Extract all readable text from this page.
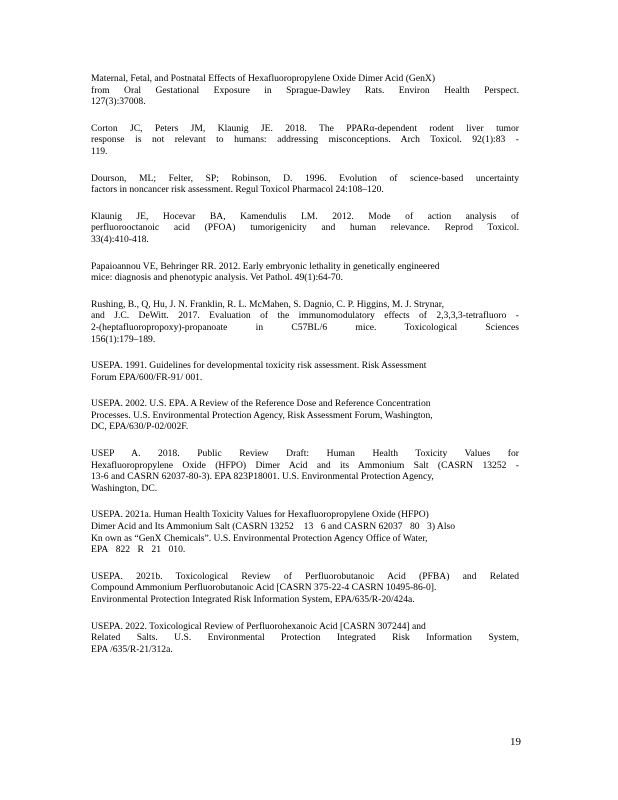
Maternal, Fetal, and Postnatal Effects of Hexafluoropropylene Oxide Dimer Acid (GenX)
from Oral Gestational Exposure in Sprague-Dawley Rats. Environ Health Perspect.
127(3):37008.
Corton JC, Peters JM, Klaunig JE. 2018. The PPARα-dependent rodent liver tumor
response is not relevant to humans: addressing misconceptions. Arch Toxicol. 92(1):83 -
119.
Dourson, ML; Felter, SP; Robinson, D. 1996. Evolution of science-based uncertainty
factors in noncancer risk assessment. Regul Toxicol Pharmacol 24:108–120.
Klaunig JE, Hocevar BA, Kamendulis LM. 2012. Mode of action analysis of
perfluorooctanoic acid (PFOA) tumorigenicity and human relevance. Reprod Toxicol.
33(4):410-418.
Papaioannou VE, Behringer RR. 2012. Early embryonic lethality in genetically engineered
mice: diagnosis and phenotypic analysis. Vet Pathol. 49(1):64-70.
Rushing, B., Q, Hu, J. N. Franklin, R. L. McMahen, S. Dagnio, C. P. Higgins, M. J. Strynar,
and J.C. DeWitt. 2017. Evaluation of the immunomodulatory effects of 2,3,3,3-tetrafluoro -
2-(heptafluoropropoxy)-propanoate in C57BL/6 mice. Toxicological Sciences
156(1):179–189.
USEPA. 1991. Guidelines for developmental toxicity risk assessment. Risk Assessment
Forum EPA/600/FR-91/ 001.
USEPA. 2002. U.S. EPA. A Review of the Reference Dose and Reference Concentration
Processes. U.S. Environmental Protection Agency, Risk Assessment Forum, Washington,
DC, EPA/630/P-02/002F.
USEP A. 2018. Public Review Draft: Human Health Toxicity Values for
Hexafluoropropylene Oxide (HFPO) Dimer Acid and its Ammonium Salt (CASRN 13252 -
13-6 and CASRN 62037-80-3). EPA 823P18001. U.S. Environmental Protection Agency,
Washington, DC.
USEPA. 2021a. Human Health Toxicity Values for Hexafluoropropylene Oxide (HFPO)
Dimer Acid and Its Ammonium Salt (CASRN 13252  13 6 and CASRN 62037 80 3) Also
Kn own as “GenX Chemicals”. U.S. Environmental Protection Agency Office of Water,
EPA 822 R 21 010.
USEPA. 2021b. Toxicological Review of Perfluorobutanoic Acid (PFBA) and Related
Compound Ammonium Perfluorobutanoic Acid [CASRN 375-22-4 CASRN 10495-86-0].
Environmental Protection Integrated Risk Information System, EPA/635/R-20/424a.
USEPA. 2022. Toxicological Review of Perfluorohexanoic Acid [CASRN 307244] and
Related Salts. U.S. Environmental Protection Integrated Risk Information System,
EPA /635/R-21/312a.
19
